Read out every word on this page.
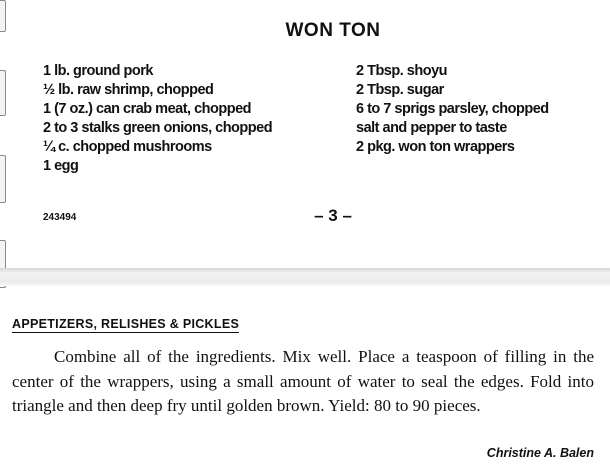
WON TON
1 lb. ground pork
½ lb. raw shrimp, chopped
1 (7 oz.) can crab meat, chopped
2 to 3 stalks green onions, chopped
¼ c. chopped mushrooms
1 egg
2 Tbsp. shoyu
2 Tbsp. sugar
6 to 7 sprigs parsley, chopped
salt and pepper to taste
2 pkg. won ton wrappers
243494	– 3 –
APPETIZERS, RELISHES & PICKLES
Combine all of the ingredients. Mix well. Place a teaspoon of filling in the center of the wrappers, using a small amount of water to seal the edges. Fold into triangle and then deep fry until golden brown. Yield: 80 to 90 pieces.
Christine A. Balen
